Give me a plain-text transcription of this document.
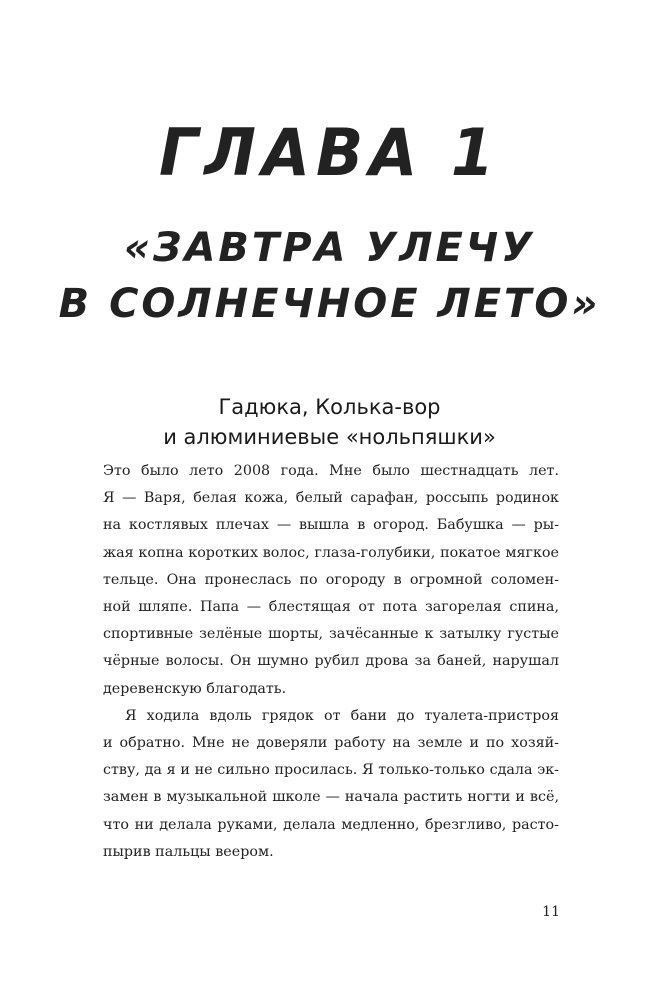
ГЛАВА 1
«ЗАВТРА УЛЕЧУ
В СОЛНЕЧНОЕ ЛЕТО»
Гадюка, Колька-вор
и алюминиевые «нольпяшки»
Это было лето 2008 года. Мне было шестнадцать лет.
Я — Варя, белая кожа, белый сарафан, россыпь родинок
на костлявых плечах — вышла в огород. Бабушка — ры-
жая копна коротких волос, глаза-голубики, покатое мягкое
тельце. Она пронеслась по огороду в огромной соломен-
ной шляпе. Папа — блестящая от пота загорелая спина,
спортивные зелёные шорты, зачёсанные к затылку густые
чёрные волосы. Он шумно рубил дрова за баней, нарушал
деревенскую благодать.
Я ходила вдоль грядок от бани до туалета-пристроя
и обратно. Мне не доверяли работу на земле и по хозяй-
ству, да я и не сильно просилась. Я только-только сдала эк-
замен в музыкальной школе — начала растить ногти и всё,
что ни делала руками, делала медленно, брезгливо, расто-
пырив пальцы веером.
11
